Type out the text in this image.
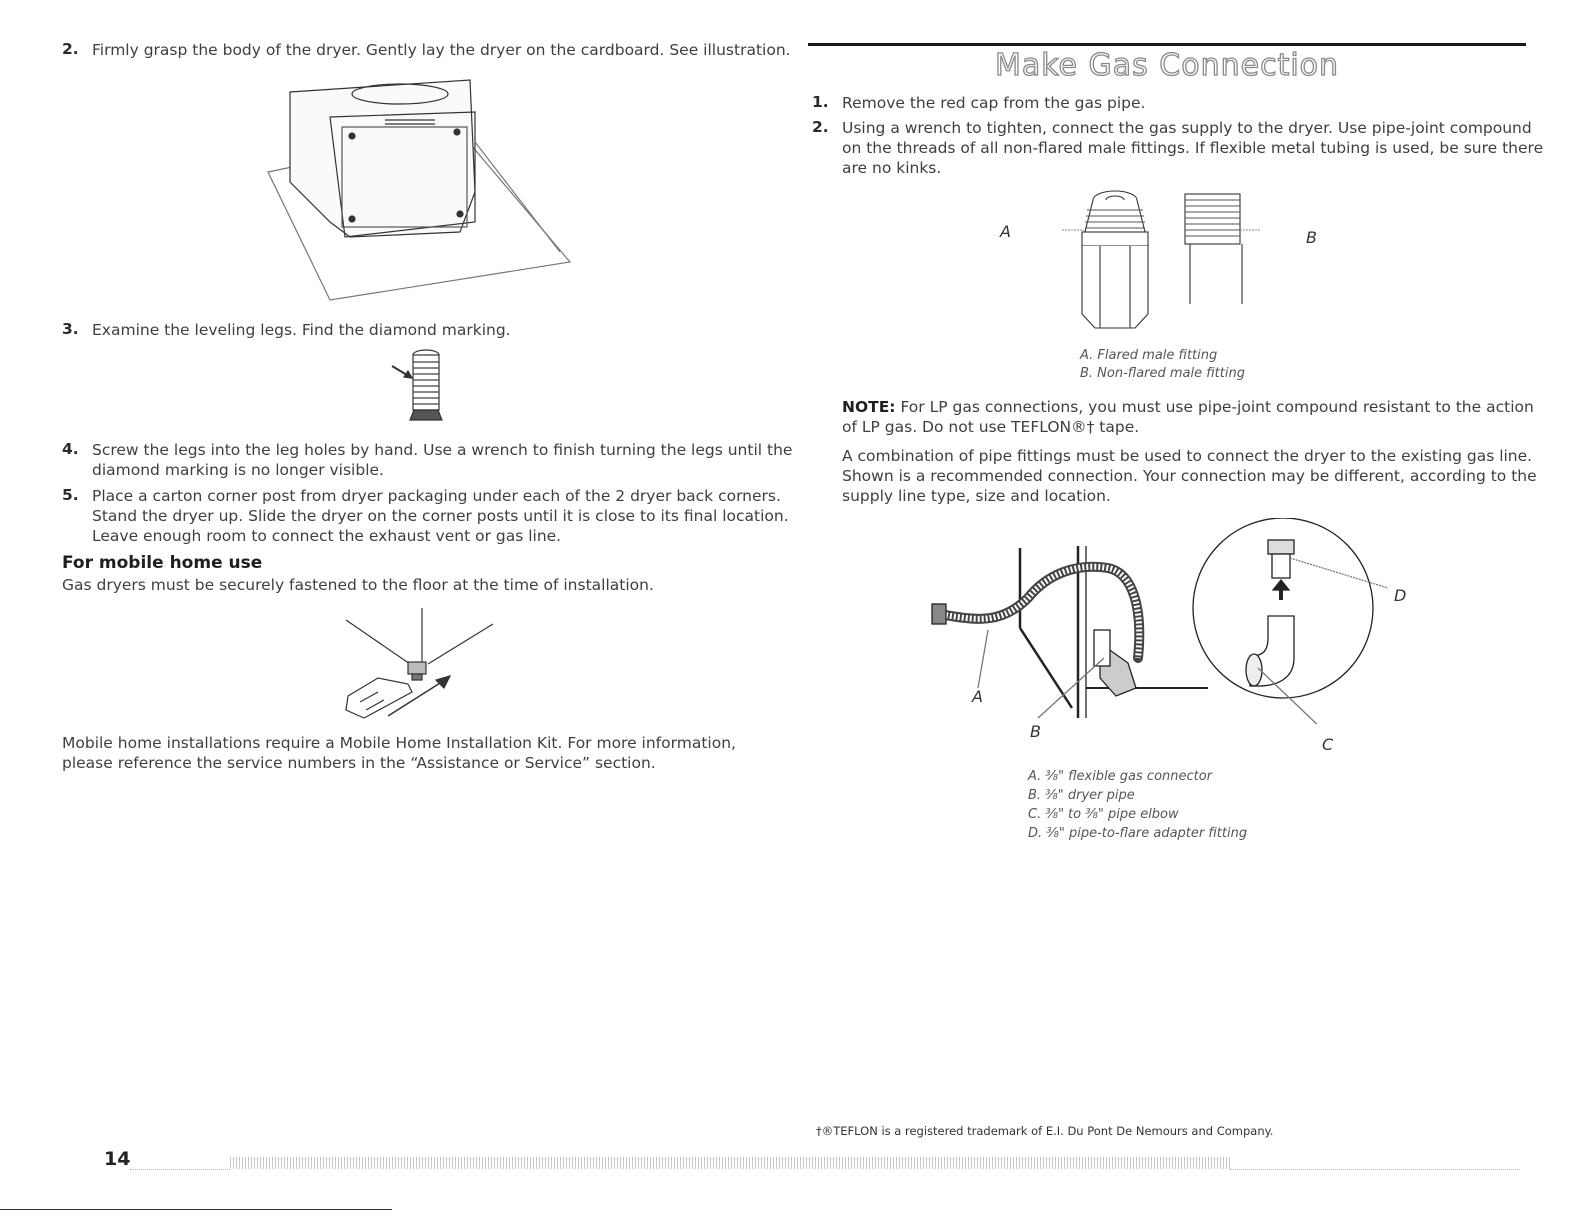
2. Firmly grasp the body of the dryer. Gently lay the dryer on the cardboard. See illustration.
3. Examine the leveling legs. Find the diamond marking.
4. Screw the legs into the leg holes by hand. Use a wrench to finish turning the legs until the
diamond marking is no longer visible.
5. Place a carton corner post from dryer packaging under each of the 2 dryer back corners.
Stand the dryer up. Slide the dryer on the corner posts until it is close to its final location.
Leave enough room to connect the exhaust vent or gas line.
For mobile home use
Gas dryers must be securely fastened to the floor at the time of installation.
Mobile home installations require a Mobile Home Installation Kit. For more information,
please reference the service numbers in the “Assistance or Service” section.
Make Gas Connection
1. Remove the red cap from the gas pipe.
2. Using a wrench to tighten, connect the gas supply to the dryer. Use pipe-joint compound
on the threads of all non-flared male fittings. If flexible metal tubing is used, be sure there
are no kinks.
A	B
A. Flared male fitting
B. Non-flared male fitting
NOTE: For LP gas connections, you must use pipe-joint compound resistant to the action
of LP gas. Do not use TEFLON®† tape.
A combination of pipe fittings must be used to connect the dryer to the existing gas line.
Shown is a recommended connection. Your connection may be different, according to the
supply line type, size and location.
D
A
B
C
A. ⅜" flexible gas connector
B. ⅜" dryer pipe
C. ⅜" to ⅜" pipe elbow
D. ⅜" pipe-to-flare adapter fitting
†®TEFLON is a registered trademark of E.I. Du Pont De Nemours and Company.
14
